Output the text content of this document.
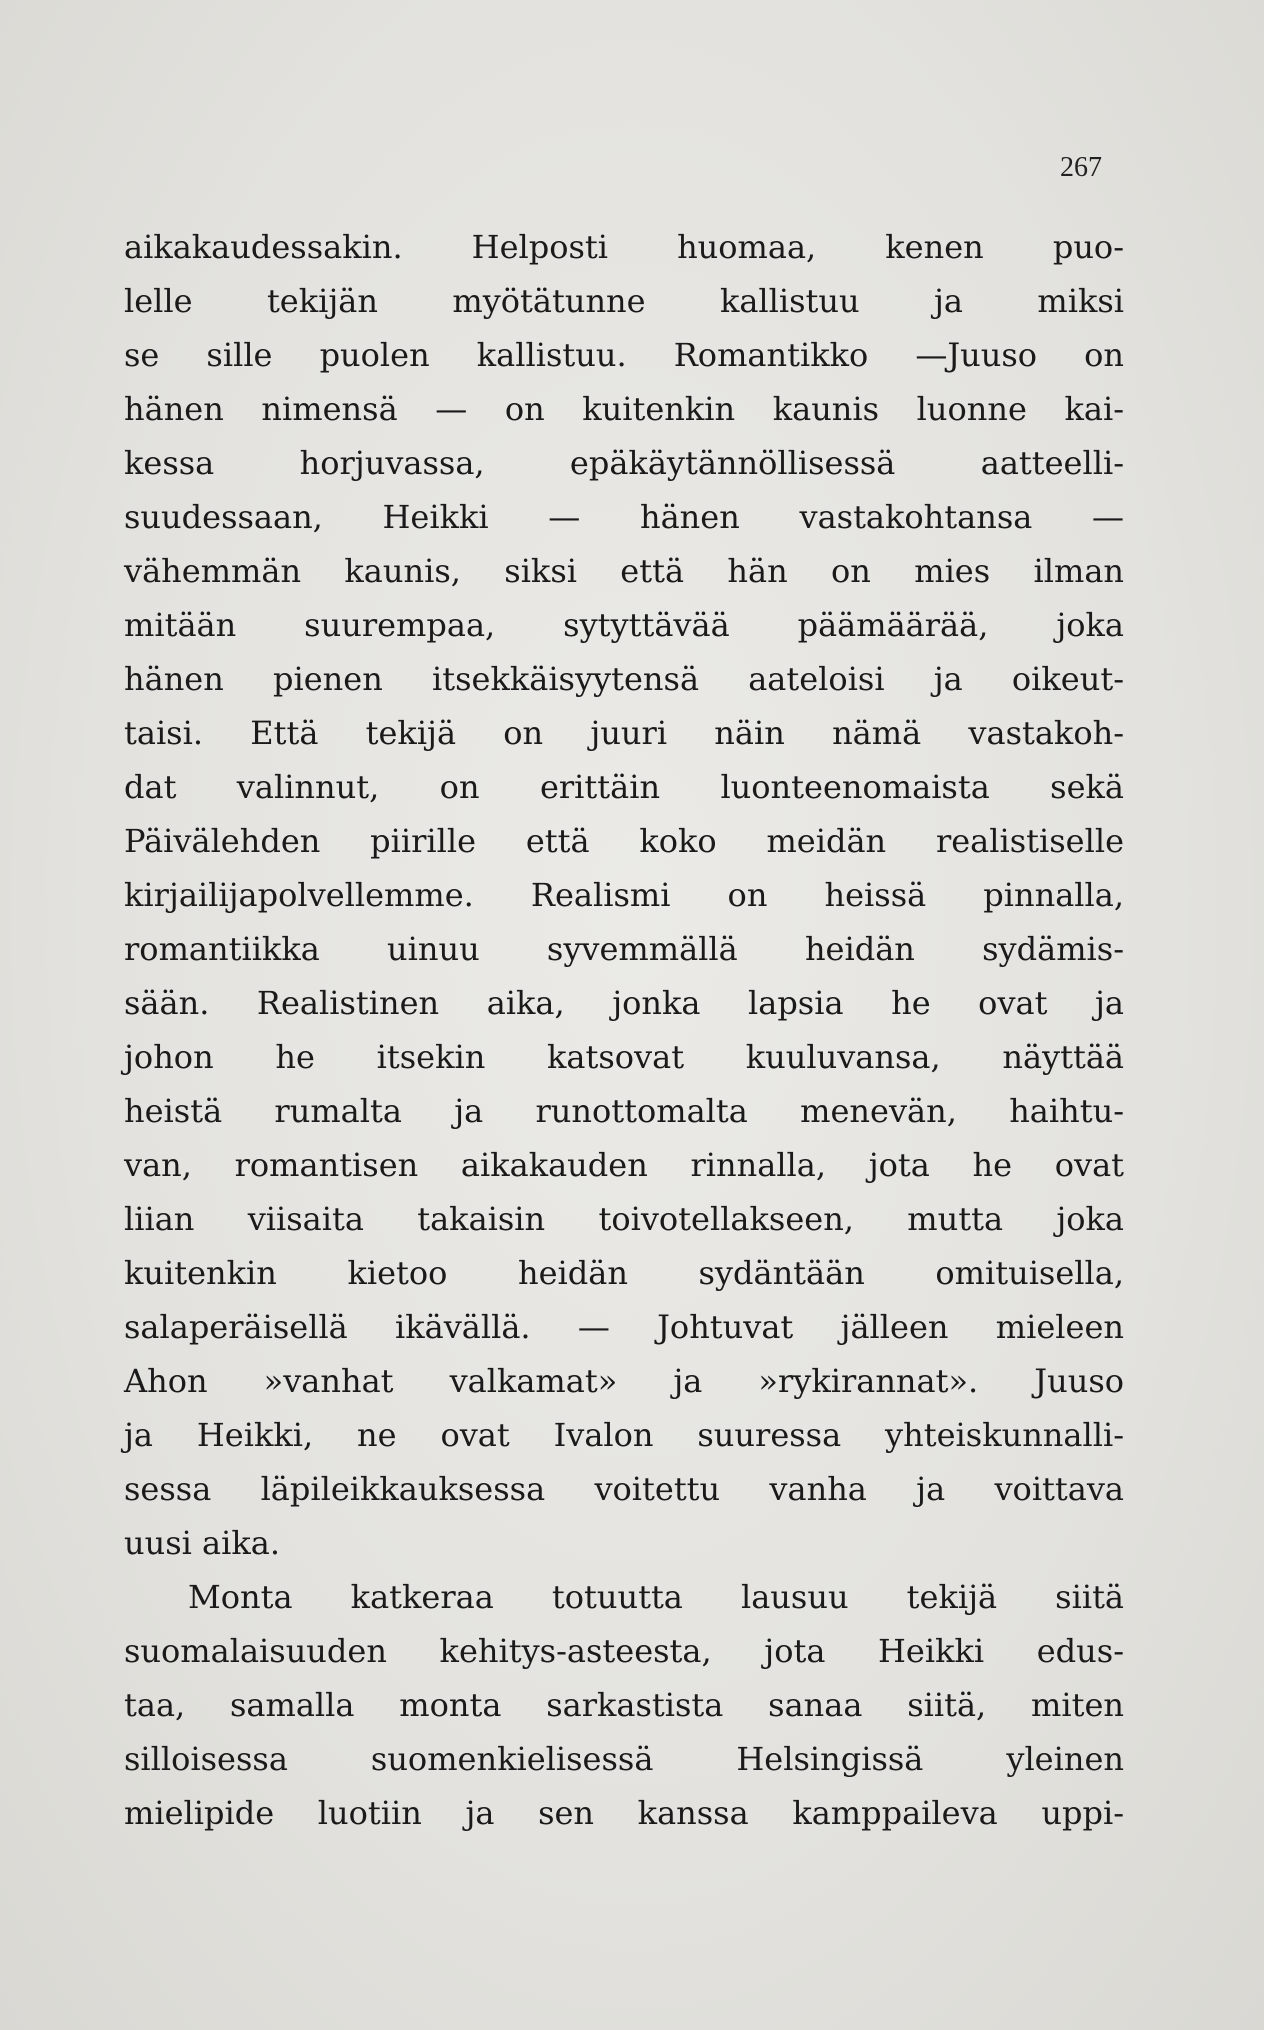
267
aikakaudessakin. Helposti huomaa, kenen puo-
lelle tekijän myötätunne kallistuu ja miksi
se sille puolen kallistuu. Romantikko —Juuso on
hänen nimensä — on kuitenkin kaunis luonne kai-
kessa horjuvassa, epäkäytännöllisessä aatteelli-
suudessaan, Heikki — hänen vastakohtansa —
vähemmän kaunis, siksi että hän on mies ilman
mitään suurempaa, sytyttävää päämäärää, joka
hänen pienen itsekkäisyytensä aateloisi ja oikeut-
taisi. Että tekijä on juuri näin nämä vastakoh-
dat valinnut, on erittäin luonteenomaista sekä
Päivälehden piirille että koko meidän realistiselle
kirjailijapolvellemme. Realismi on heissä pinnalla,
romantiikka uinuu syvemmällä heidän sydämis-
sään. Realistinen aika, jonka lapsia he ovat ja
johon he itsekin katsovat kuuluvansa, näyttää
heistä rumalta ja runottomalta menevän, haihtu-
van, romantisen aikakauden rinnalla, jota he ovat
liian viisaita takaisin toivotellakseen, mutta joka
kuitenkin kietoo heidän sydäntään omituisella,
salaperäisellä ikävällä. — Johtuvat jälleen mieleen
Ahon »vanhat valkamat» ja »rykirannat». Juuso
ja Heikki, ne ovat Ivalon suuressa yhteiskunnalli-
sessa läpileikkauksessa voitettu vanha ja voittava
uusi aika.
Monta katkeraa totuutta lausuu tekijä siitä
suomalaisuuden kehitys-asteesta, jota Heikki edus-
taa, samalla monta sarkastista sanaa siitä, miten
silloisessa suomenkielisessä Helsingissä yleinen
mielipide luotiin ja sen kanssa kamppaileva uppi-
